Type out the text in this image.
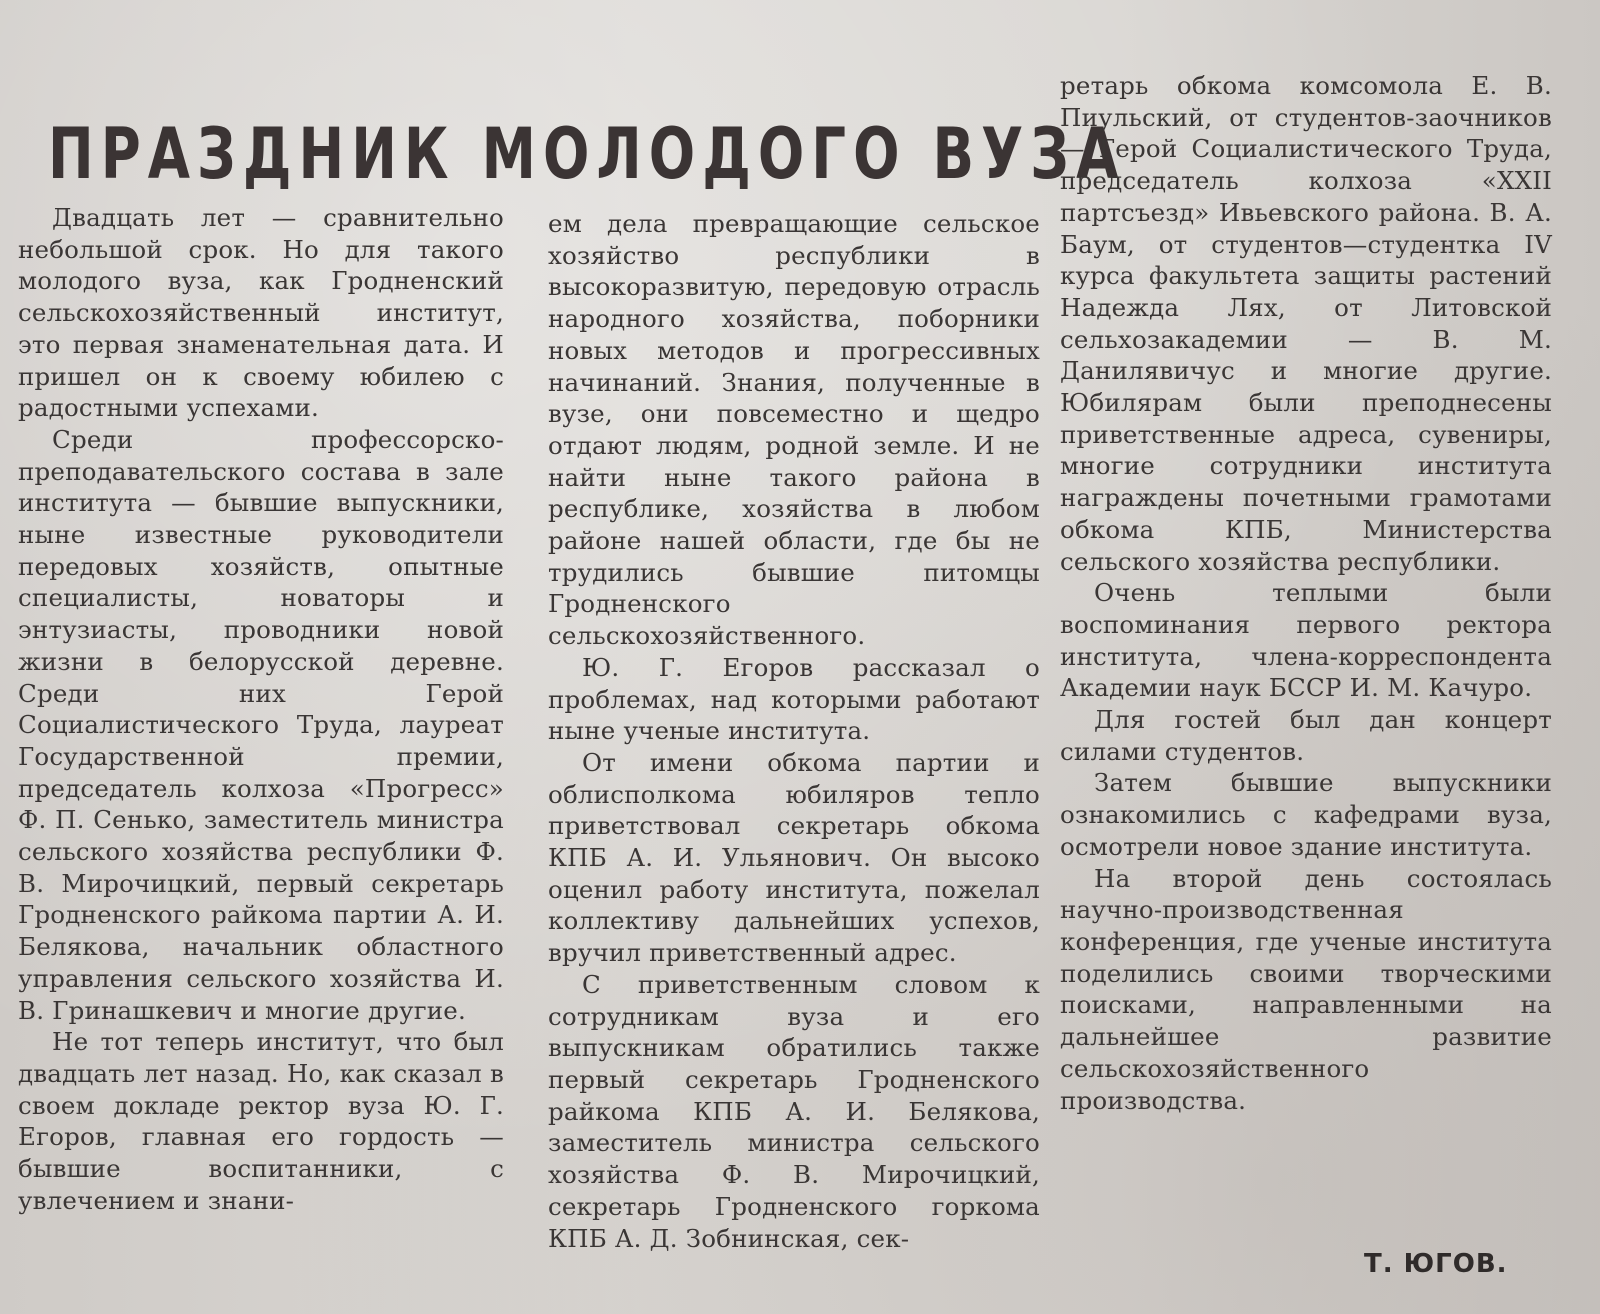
ПРАЗДНИК МОЛОДОГО ВУЗА

Двадцать лет — сравнительно небольшой срок. Но для такого молодого вуза, как Гродненский сельскохозяйственный институт, это первая знаменательная дата. И пришел он к своему юбилею с радостными успехами.

Среди профессорско-преподавательского состава в зале института — бывшие выпускники, ныне известные руководители передовых хозяйств, опытные специалисты, новаторы и энтузиасты, проводники новой жизни в белорусской деревне. Среди них Герой Социалистического Труда, лауреат Государственной премии, председатель колхоза «Прогресс» Ф. П. Сенько, заместитель министра сельского хозяйства республики Ф. В. Мирочицкий, первый секретарь Гродненского райкома партии А. И. Белякова, начальник областного управления сельского хозяйства И. В. Гринашкевич и многие другие.

Не тот теперь институт, что был двадцать лет назад. Но, как сказал в своем докладе ректор вуза Ю. Г. Егоров, главная его гордость — бывшие воспитанники, с увлечением и знани-

ем дела превращающие сельское хозяйство республики в высокоразвитую, передовую отрасль народного хозяйства, поборники новых методов и прогрессивных начинаний. Знания, полученные в вузе, они повсеместно и щедро отдают людям, родной земле. И не найти ныне такого района в республике, хозяйства в любом районе нашей области, где бы не трудились бывшие питомцы Гродненского сельскохозяйственного.

Ю. Г. Егоров рассказал о проблемах, над которыми работают ныне ученые института.

От имени обкома партии и облисполкома юбиляров тепло приветствовал секретарь обкома КПБ А. И. Ульянович. Он высоко оценил работу института, пожелал коллективу дальнейших успехов, вручил приветственный адрес.

С приветственным словом к сотрудникам вуза и его выпускникам обратились также первый секретарь Гродненского райкома КПБ А. И. Белякова, заместитель министра сельского хозяйства Ф. В. Мирочицкий, секретарь Гродненского горкома КПБ А. Д. Зобнинская, сек-

ретарь обкома комсомола Е. В. Пиульский, от студентов-заочников — Герой Социалистического Труда, председатель колхоза «XXII партсъезд» Ивьевского района. В. А. Баум, от студентов—студентка IV курса факультета защиты растений Надежда Лях, от Литовской сельхозакадемии — В. М. Данилявичус и многие другие. Юбилярам были преподнесены приветственные адреса, сувениры, многие сотрудники института награждены почетными грамотами обкома КПБ, Министерства сельского хозяйства республики.

Очень теплыми были воспоминания первого ректора института, члена-корреспондента Академии наук БССР И. М. Качуро.

Для гостей был дан концерт силами студентов.

Затем бывшие выпускники ознакомились с кафедрами вуза, осмотрели новое здание института.

На второй день состоялась научно-производственная конференция, где ученые института поделились своими творческими поисками, направленными на дальнейшее развитие сельскохозяйственного производства.

Т. ЮГОВ.
